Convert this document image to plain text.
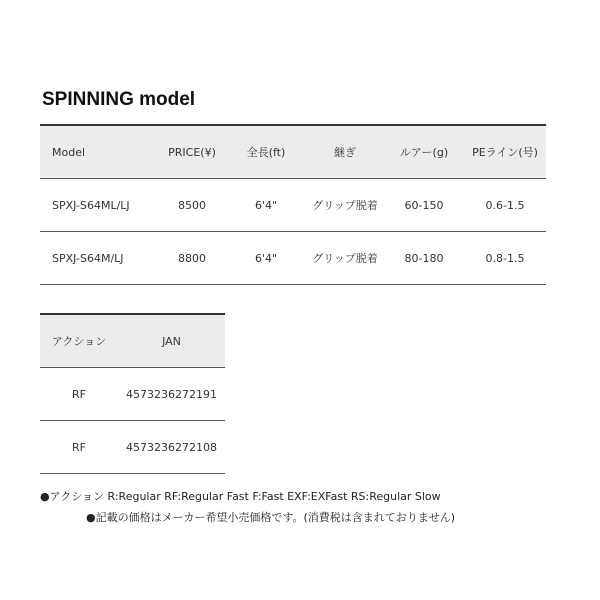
SPINNING model
Model	PRICE(¥)	全長(ft)	継ぎ	ルアー(g)	PEライン(号)
SPXJ-S64ML/LJ	8500	6'4"	グリップ脱着	60-150	0.6-1.5
SPXJ-S64M/LJ	8800	6'4"	グリップ脱着	80-180	0.8-1.5
アクション	JAN
RF	4573236272191
RF	4573236272108
●アクション R:Regular RF:Regular Fast F:Fast EXF:EXFast RS:Regular Slow
●記載の価格はメーカー希望小売価格です。(消費税は含まれておりません)
